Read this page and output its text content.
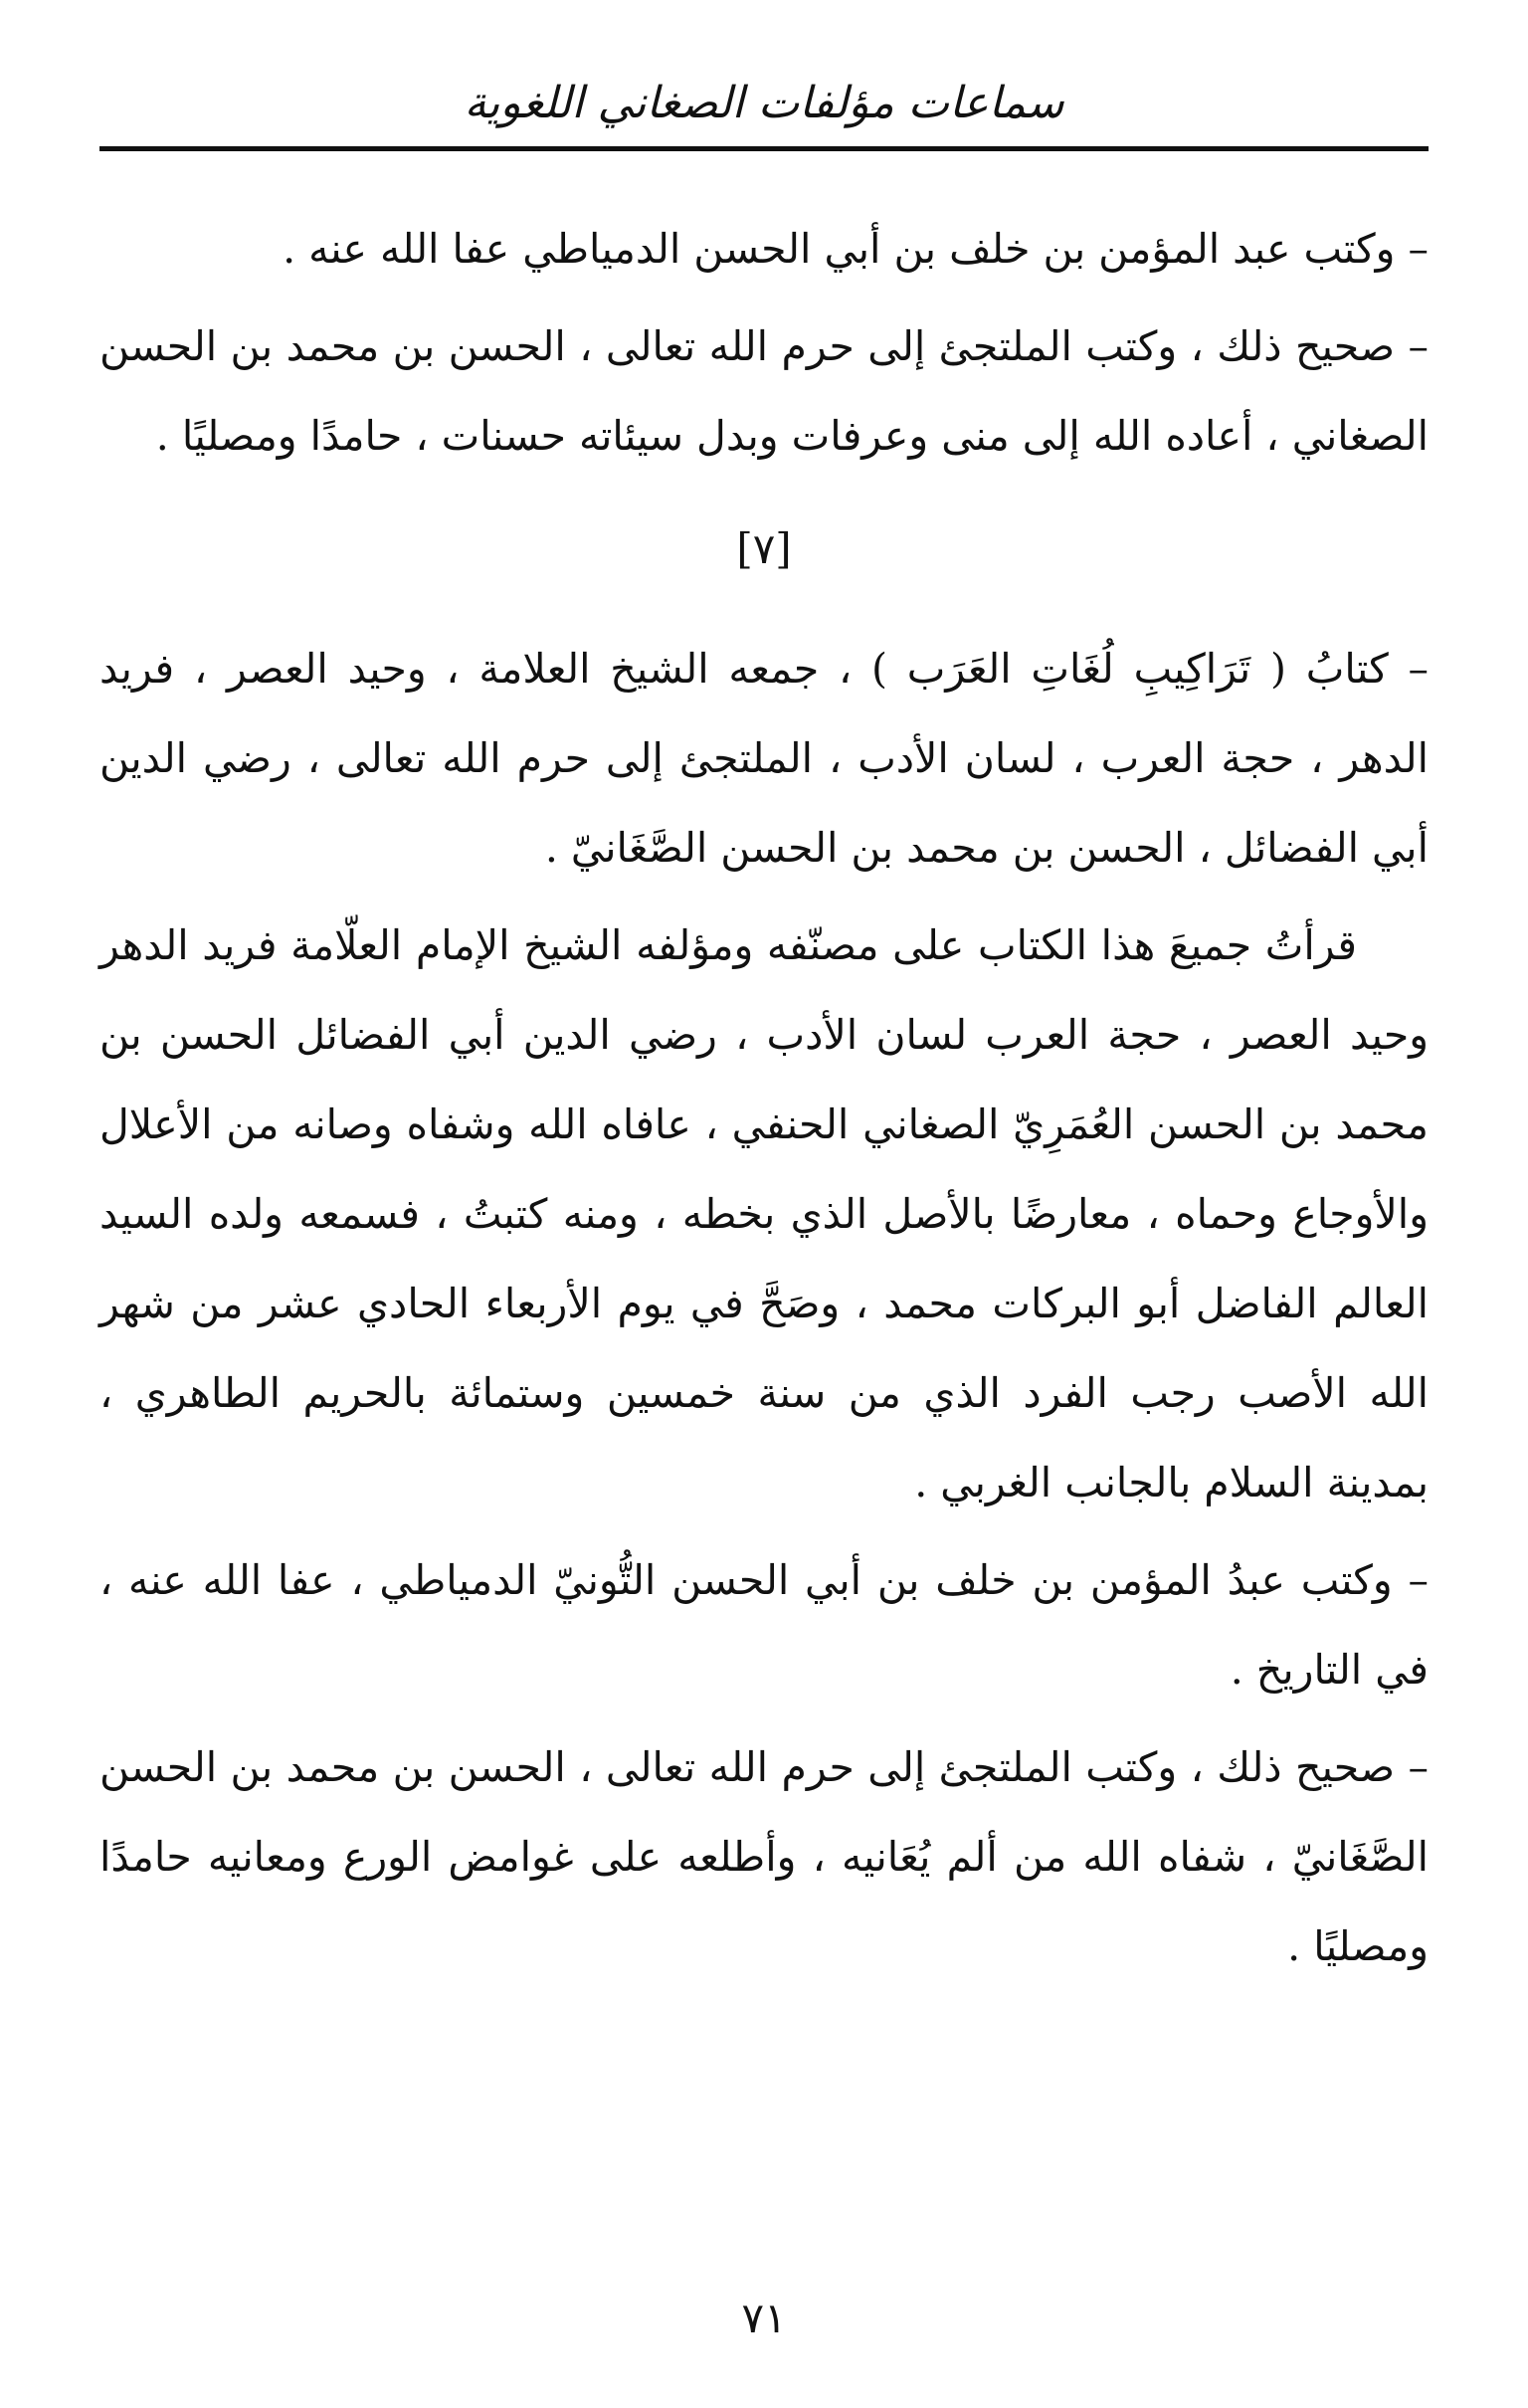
سماعات مؤلفات الصغاني اللغوية

– وكتب عبد المؤمن بن خلف بن أبي الحسن الدمياطي عفا الله عنه .

– صحيح ذلك ، وكتب الملتجئ إلى حرم الله تعالى ، الحسن بن محمد بن الحسن الصغاني ، أعاده الله إلى منى وعرفات وبدل سيئاته حسنات ، حامدًا ومصليًا .

[٧]

– كتابُ ( تَرَاكِيبِ لُغَاتِ العَرَب ) ، جمعه الشيخ العلامة ، وحيد العصر ، فريد الدهر ، حجة العرب ، لسان الأدب ، الملتجئ إلى حرم الله تعالى ، رضي الدين أبي الفضائل ، الحسن بن محمد بن الحسن الصَّغَانيّ .

قرأتُ جميعَ هذا الكتاب على مصنّفه ومؤلفه الشيخ الإمام العلّامة فريد الدهر وحيد العصر ، حجة العرب لسان الأدب ، رضي الدين أبي الفضائل الحسن بن محمد بن الحسن العُمَرِيّ الصغاني الحنفي ، عافاه الله وشفاه وصانه من الأعلال والأوجاع وحماه ، معارضًا بالأصل الذي بخطه ، ومنه كتبتُ ، فسمعه ولده السيد العالم الفاضل أبو البركات محمد ، وصَحَّ في يوم الأربعاء الحادي عشر من شهر الله الأصب رجب الفرد الذي من سنة خمسين وستمائة بالحريم الطاهري ، بمدينة السلام بالجانب الغربي .

– وكتب عبدُ المؤمن بن خلف بن أبي الحسن التُّونيّ الدمياطي ، عفا الله عنه ، في التاريخ .

– صحيح ذلك ، وكتب الملتجئ إلى حرم الله تعالى ، الحسن بن محمد بن الحسن الصَّغَانيّ ، شفاه الله من ألم يُعَانيه ، وأطلعه على غوامض الورع ومعانيه حامدًا ومصليًا .

٧١
